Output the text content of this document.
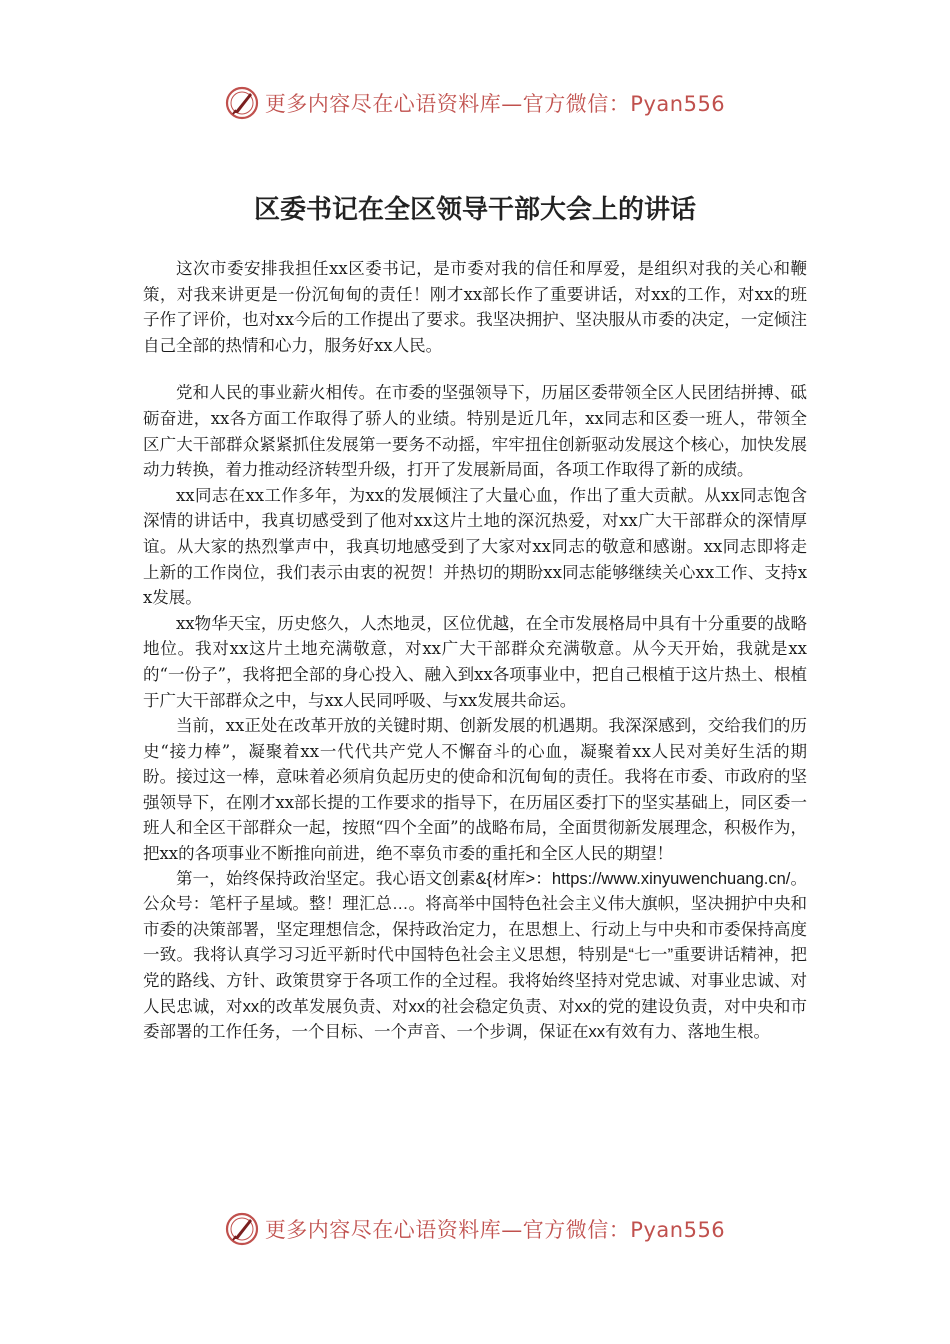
更多内容尽在心语资料库—官方微信：Pyan556
区委书记在全区领导干部大会上的讲话

这次市委安排我担任xx区委书记，是市委对我的信任和厚爱，是组织对我的关心和鞭策，对我来讲更是一份沉甸甸的责任！刚才xx部长作了重要讲话，对xx的工作，对xx的班子作了评价，也对xx今后的工作提出了要求。我坚决拥护、坚决服从市委的决定，一定倾注自己全部的热情和心力，服务好xx人民。

党和人民的事业薪火相传。在市委的坚强领导下，历届区委带领全区人民团结拼搏、砥砺奋进，xx各方面工作取得了骄人的业绩。特别是近几年，xx同志和区委一班人，带领全区广大干部群众紧紧抓住发展第一要务不动摇，牢牢扭住创新驱动发展这个核心，加快发展动力转换，着力推动经济转型升级，打开了发展新局面，各项工作取得了新的成绩。

xx同志在xx工作多年，为xx的发展倾注了大量心血，作出了重大贡献。从xx同志饱含深情的讲话中，我真切感受到了他对xx这片土地的深沉热爱，对xx广大干部群众的深情厚谊。从大家的热烈掌声中，我真切地感受到了大家对xx同志的敬意和感谢。xx同志即将走上新的工作岗位，我们表示由衷的祝贺！并热切的期盼xx同志能够继续关心xx工作、支持xx发展。

xx物华天宝，历史悠久，人杰地灵，区位优越，在全市发展格局中具有十分重要的战略地位。我对xx这片土地充满敬意，对xx广大干部群众充满敬意。从今天开始，我就是xx的“一份子”，我将把全部的身心投入、融入到xx各项事业中，把自己根植于这片热土、根植于广大干部群众之中，与xx人民同呼吸、与xx发展共命运。

当前，xx正处在改革开放的关键时期、创新发展的机遇期。我深深感到，交给我们的历史“接力棒”，凝聚着xx一代代共产党人不懈奋斗的心血，凝聚着xx人民对美好生活的期盼。接过这一棒，意味着必须肩负起历史的使命和沉甸甸的责任。我将在市委、市政府的坚强领导下，在刚才xx部长提的工作要求的指导下，在历届区委打下的坚实基础上，同区委一班人和全区干部群众一起，按照“四个全面”的战略布局，全面贯彻新发展理念，积极作为，把xx的各项事业不断推向前进，绝不辜负市委的重托和全区人民的期望！

第一，始终保持政治坚定。我心语文创素&{材库>：https://www.xinyuwenchuang.cn/。公众号：笔杆子星域。整！理汇总…。将高举中国特色社会主义伟大旗帜，坚决拥护中央和市委的决策部署，坚定理想信念，保持政治定力，在思想上、行动上与中央和市委保持高度一致。我将认真学习习近平新时代中国特色社会主义思想，特别是“七一”重要讲话精神，把党的路线、方针、政策贯穿于各项工作的全过程。我将始终坚持对党忠诚、对事业忠诚、对人民忠诚，对xx的改革发展负责、对xx的社会稳定负责、对xx的党的建设负责，对中央和市委部署的工作任务，一个目标、一个声音、一个步调，保证在xx有效有力、落地生根。

更多内容尽在心语资料库—官方微信：Pyan556
